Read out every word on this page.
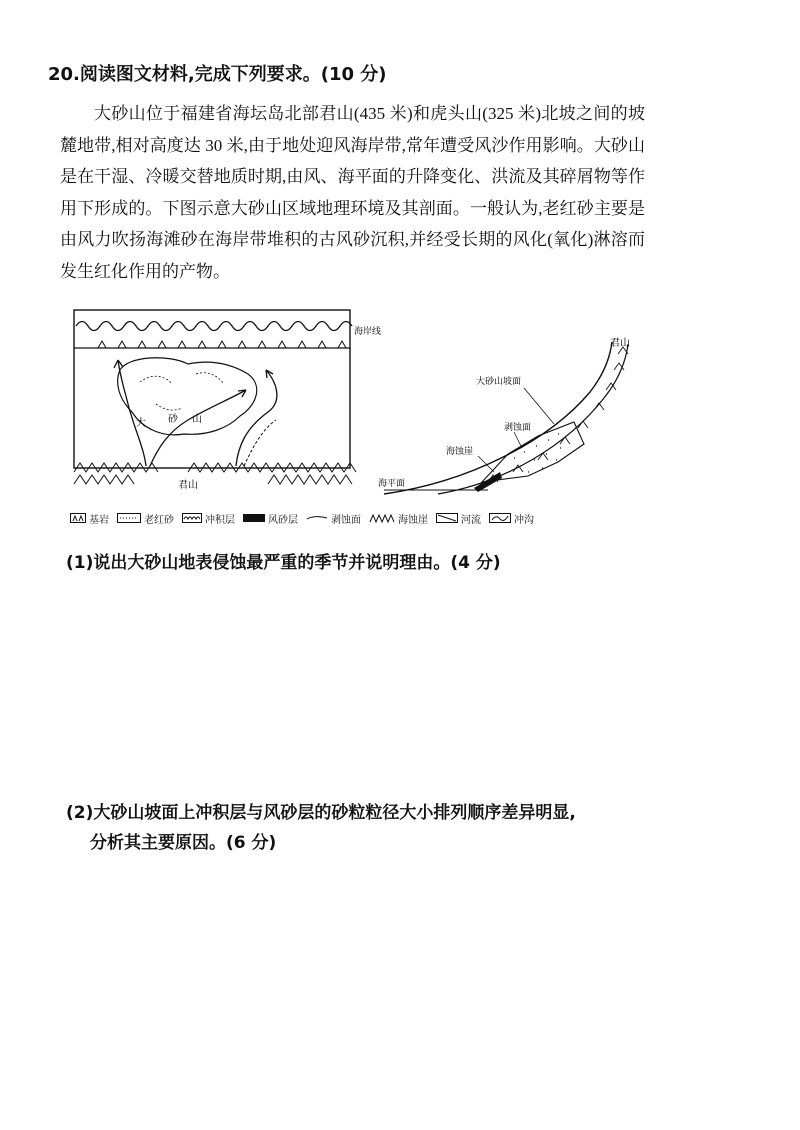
20.阅读图文材料,完成下列要求。(10 分)
大砂山位于福建省海坛岛北部君山(435 米)和虎头山(325 米)北坡之间的坡麓地带,相对高度达 30 米,由于地处迎风海岸带,常年遭受风沙作用影响。大砂山是在干湿、冷暖交替地质时期,由风、海平面的升降变化、洪流及其碎屑物等作用下形成的。下图示意大砂山区域地理环境及其剖面。一般认为,老红砂主要是由风力吹扬海滩砂在海岸带堆积的古风砂沉积,并经受长期的风化(氧化)淋溶而发生红化作用的产物。
海岸线
大 砂 山
君山
君山
海平面
大砂山坡面
剥蚀面
海蚀崖
基岩	老红砂	冲积层	风砂层	剥蚀面	海蚀崖	河流	冲沟
(1)说出大砂山地表侵蚀最严重的季节并说明理由。(4 分)
(2)大砂山坡面上冲积层与风砂层的砂粒粒径大小排列顺序差异明显,
分析其主要原因。(6 分)
